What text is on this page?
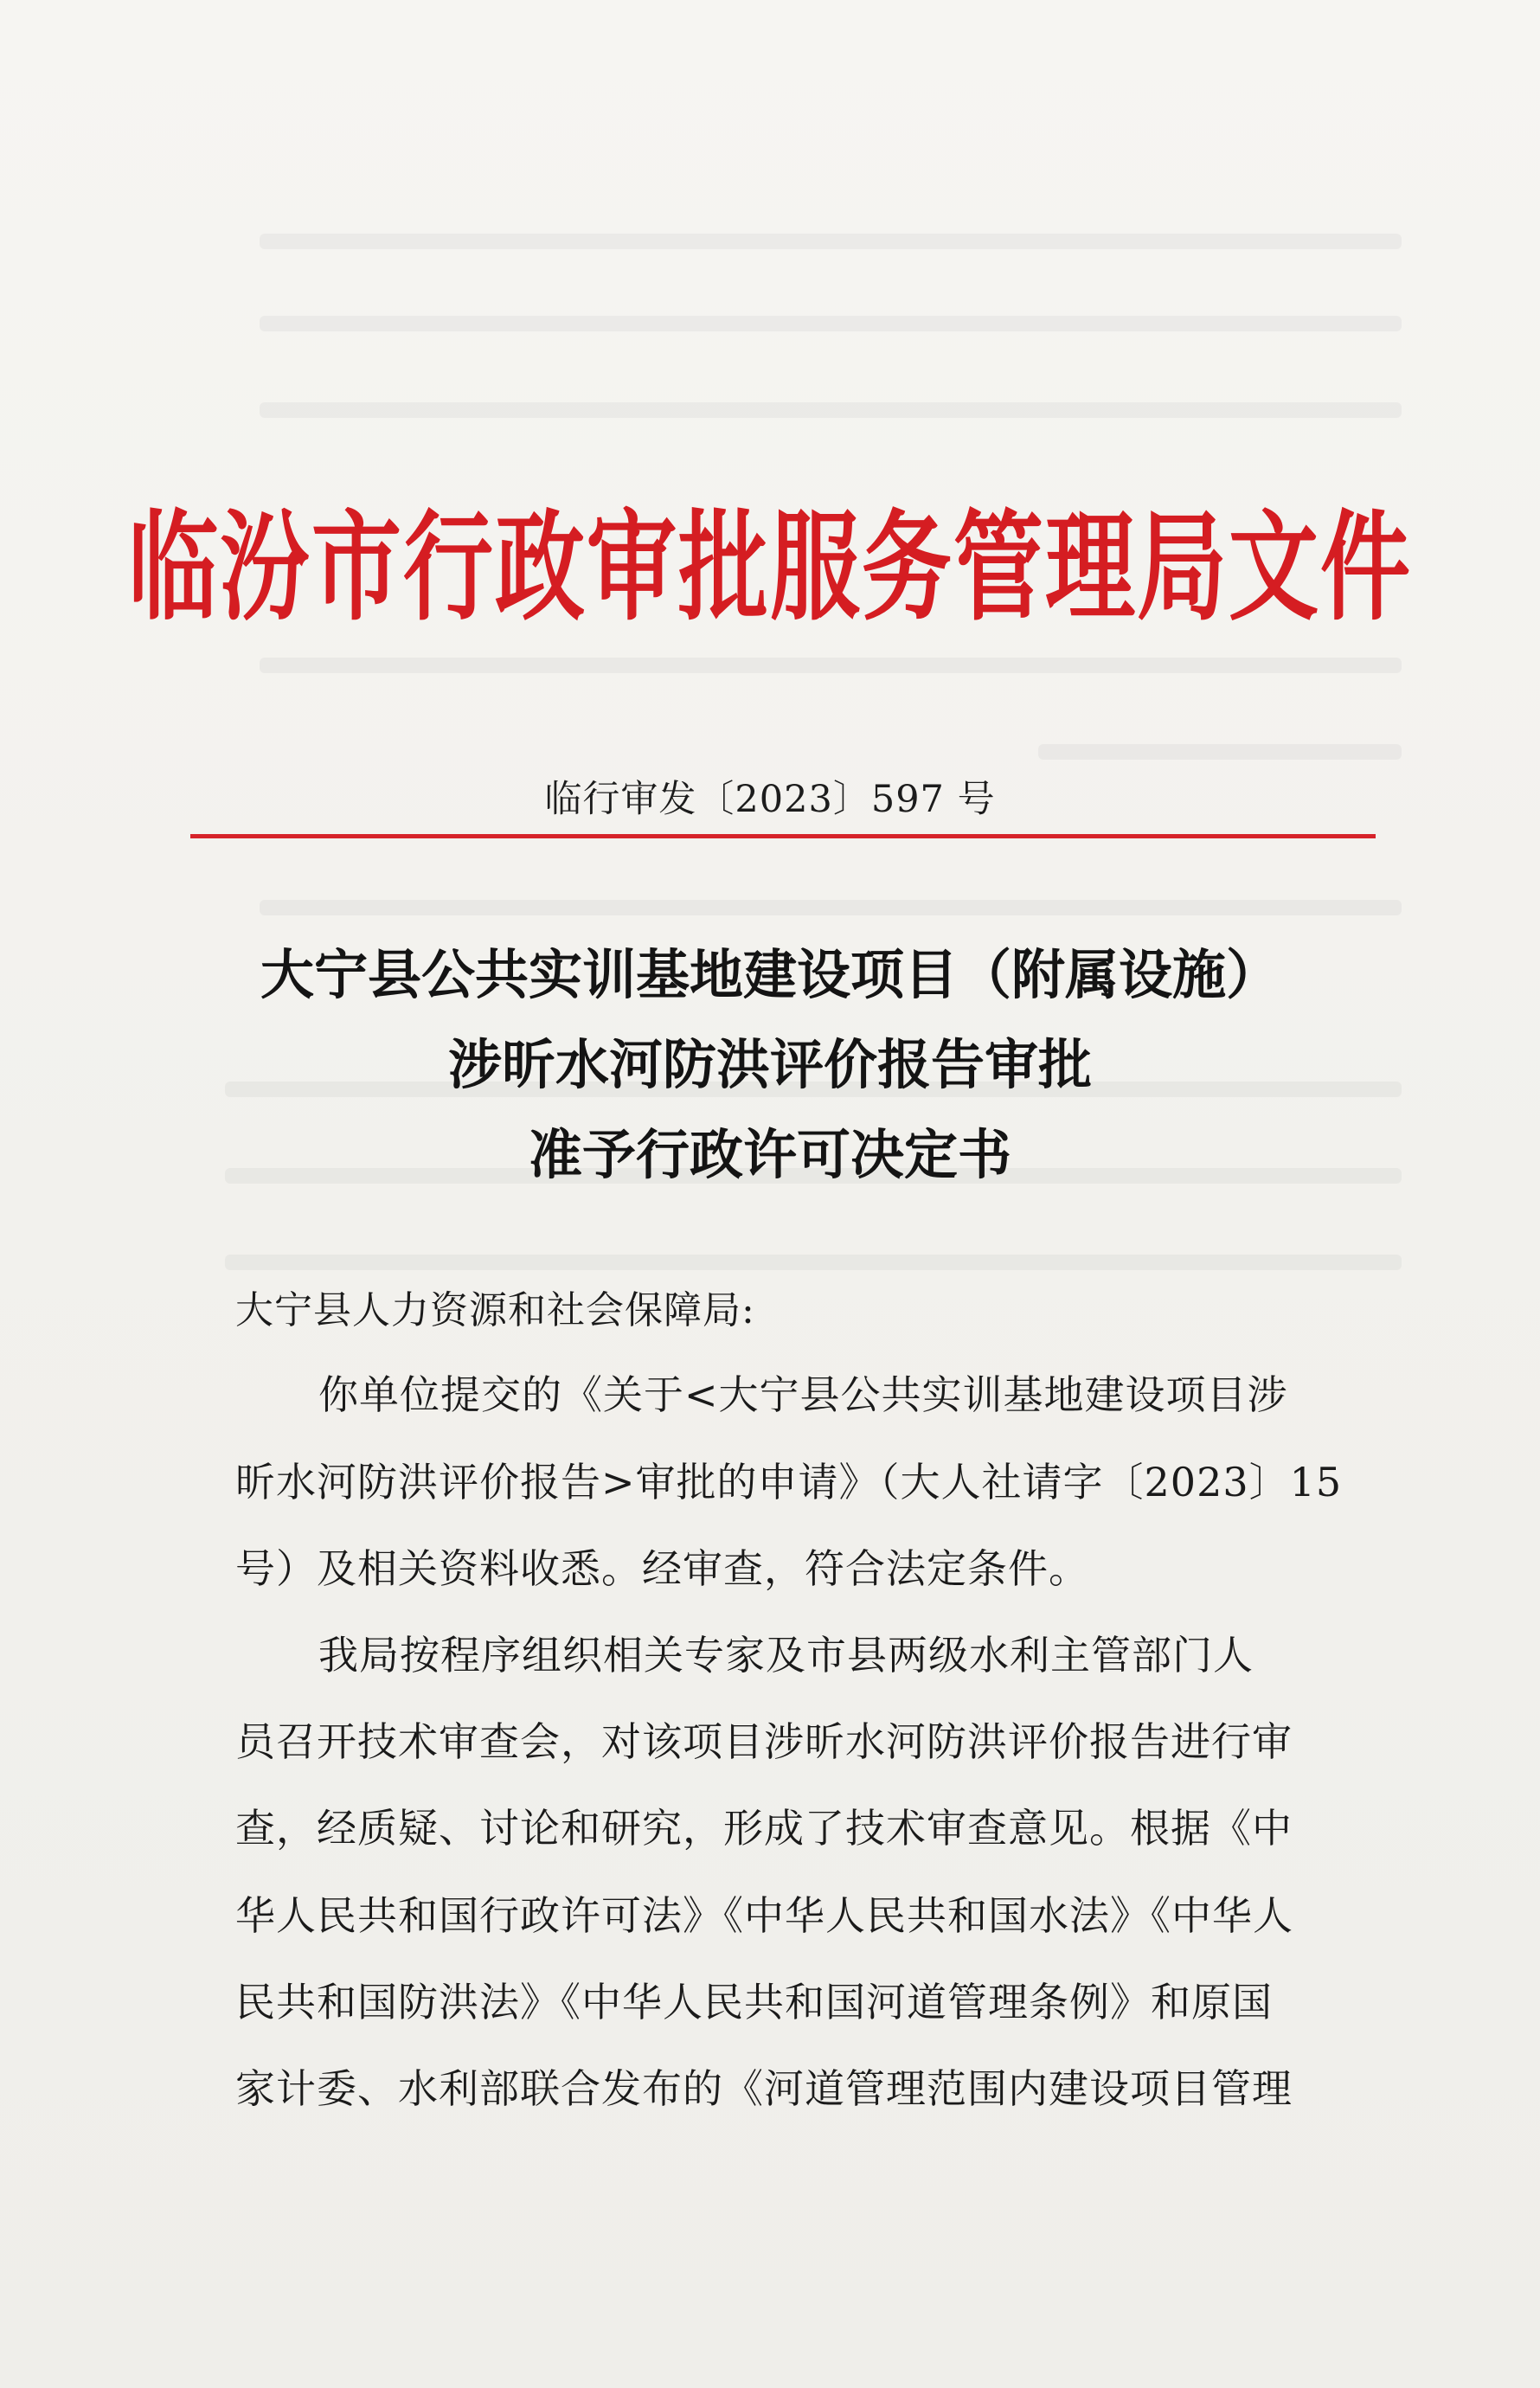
临汾市行政审批服务管理局文件
临行审发〔2023〕597 号
大宁县公共实训基地建设项目（附属设施）
涉昕水河防洪评价报告审批
准予行政许可决定书
大宁县人力资源和社会保障局:
你单位提交的《关于<大宁县公共实训基地建设项目涉
昕水河防洪评价报告>审批的申请》（大人社请字〔2023〕15
号）及相关资料收悉。经审查，符合法定条件。
我局按程序组织相关专家及市县两级水利主管部门人
员召开技术审查会，对该项目涉昕水河防洪评价报告进行审
查，经质疑、讨论和研究，形成了技术审查意见。根据《中
华人民共和国行政许可法》《中华人民共和国水法》《中华人
民共和国防洪法》《中华人民共和国河道管理条例》和原国
家计委、水利部联合发布的《河道管理范围内建设项目管理
